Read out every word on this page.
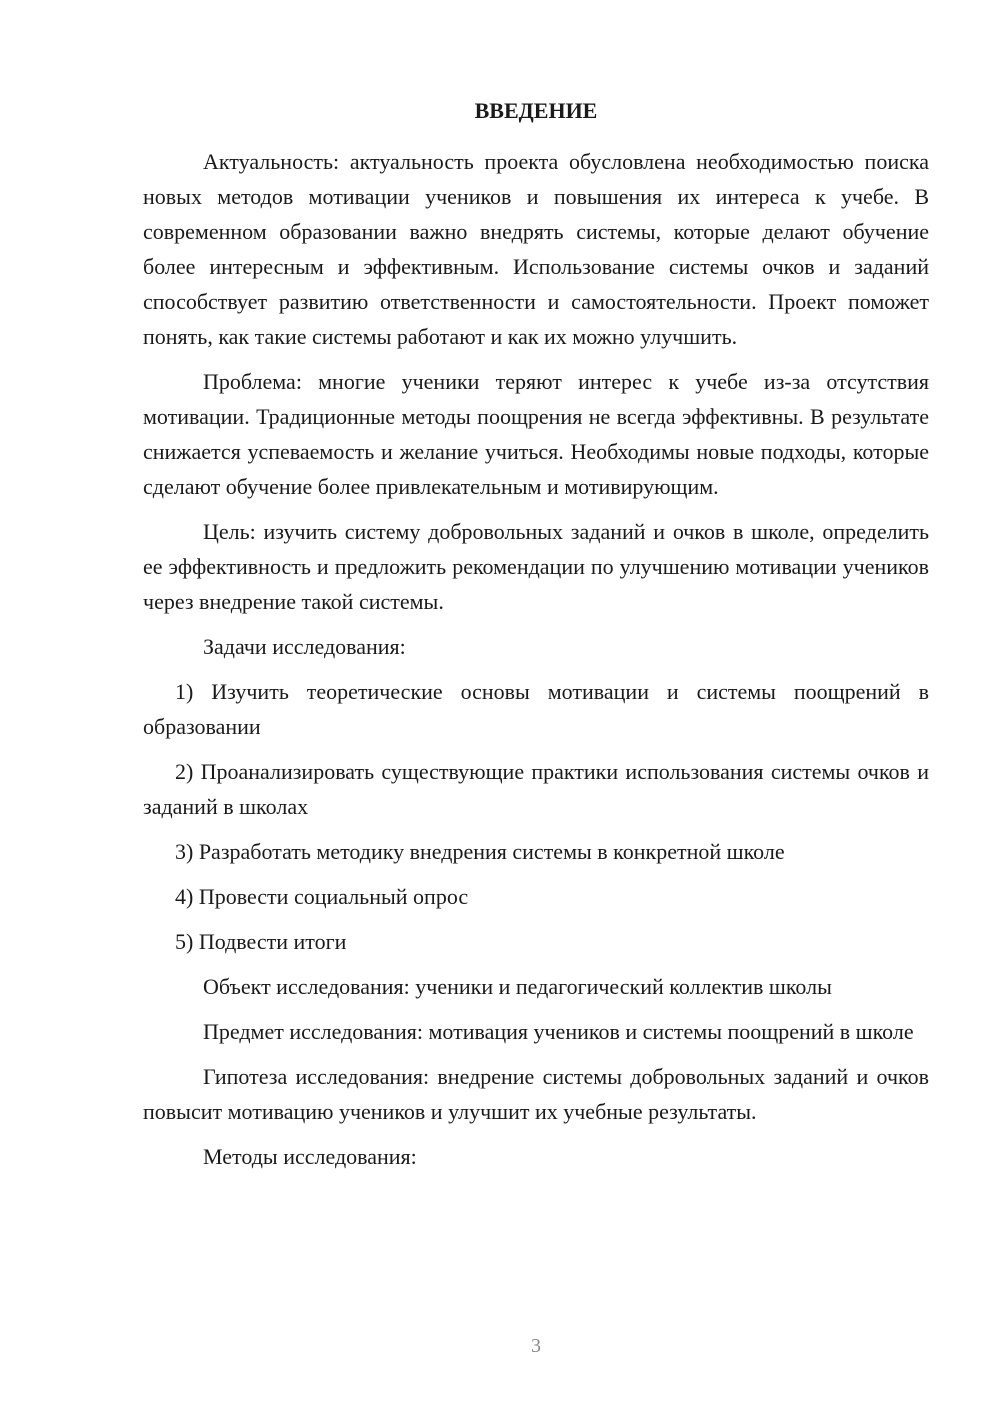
ВВЕДЕНИЕ

Актуальность: актуальность проекта обусловлена необходимостью поиска новых методов мотивации учеников и повышения их интереса к учебе. В современном образовании важно внедрять системы, которые делают обучение более интересным и эффективным. Использование системы очков и заданий способствует развитию ответственности и самостоятельности. Проект поможет понять, как такие системы работают и как их можно улучшить.

Проблема: многие ученики теряют интерес к учебе из-за отсутствия мотивации. Традиционные методы поощрения не всегда эффективны. В результате снижается успеваемость и желание учиться. Необходимы новые подходы, которые сделают обучение более привлекательным и мотивирующим.

Цель: изучить систему добровольных заданий и очков в школе, определить ее эффективность и предложить рекомендации по улучшению мотивации учеников через внедрение такой системы.

Задачи исследования:

1) Изучить теоретические основы мотивации и системы поощрений в образовании

2) Проанализировать существующие практики использования системы очков и заданий в школах

3) Разработать методику внедрения системы в конкретной школе

4) Провести социальный опрос

5) Подвести итоги

Объект исследования: ученики и педагогический коллектив школы

Предмет исследования: мотивация учеников и системы поощрений в школе

Гипотеза исследования: внедрение системы добровольных заданий и очков повысит мотивацию учеников и улучшит их учебные результаты.

Методы исследования:

3
